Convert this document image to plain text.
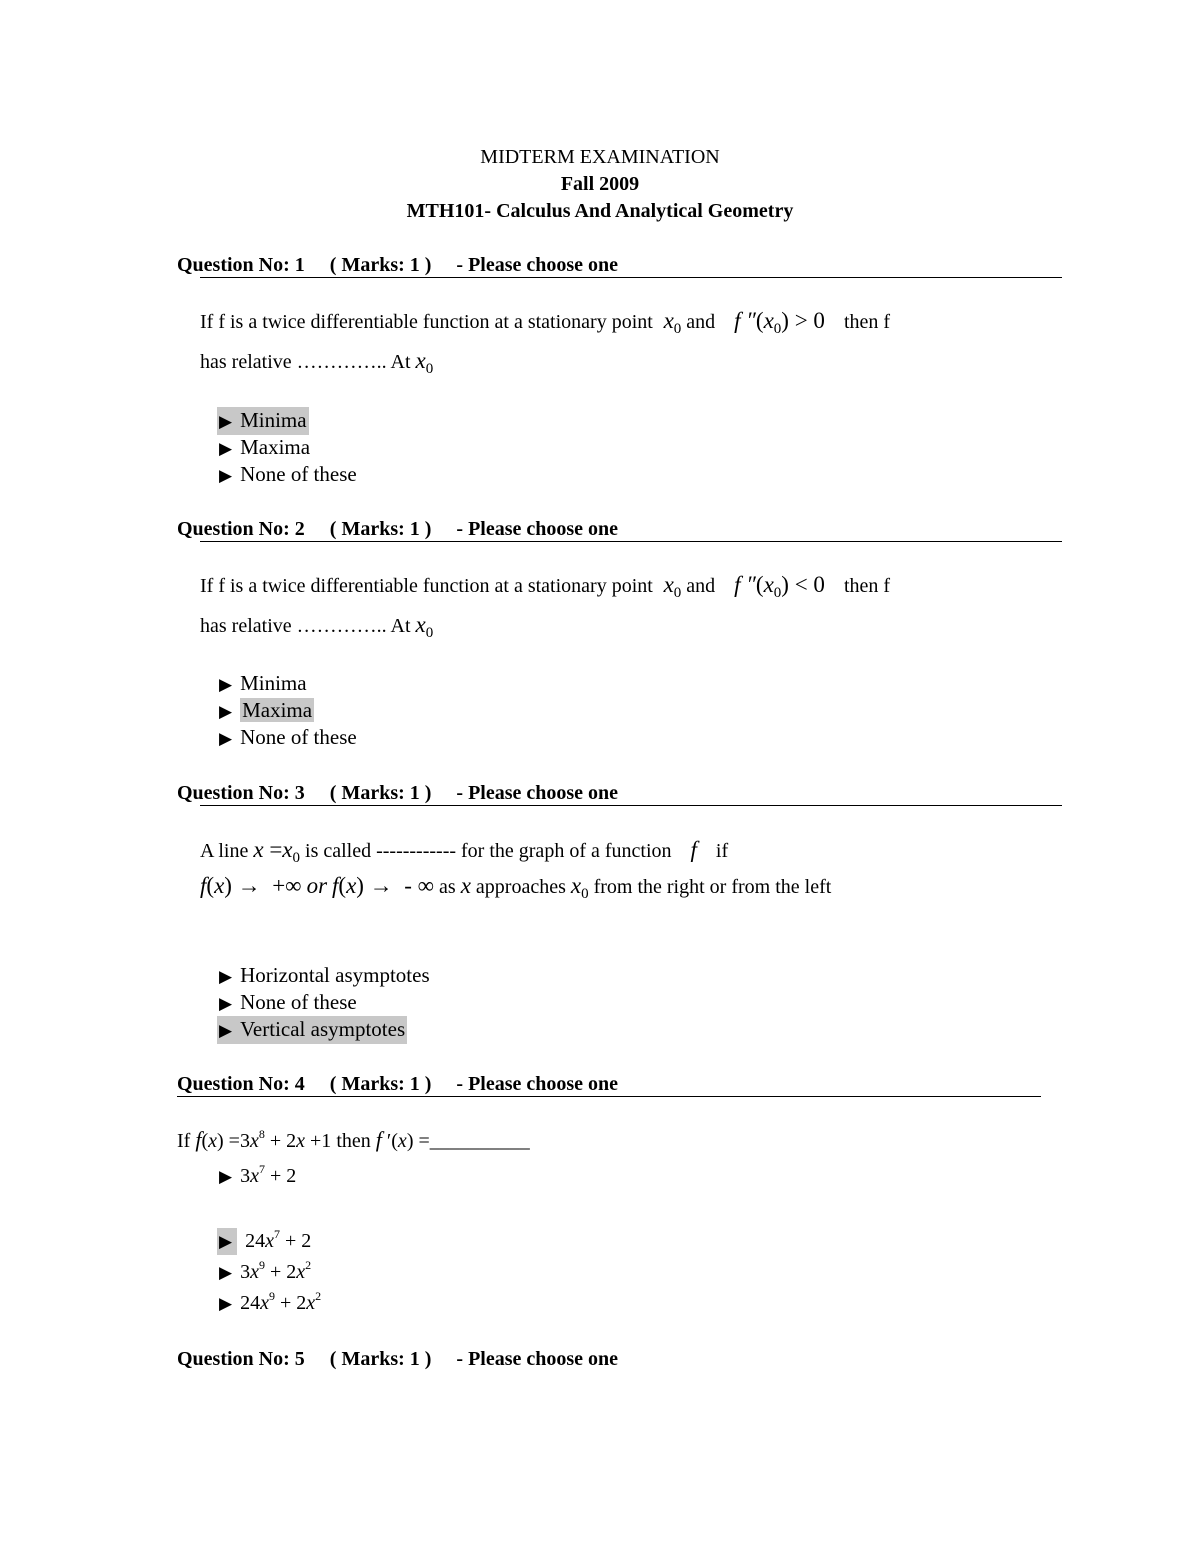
MIDTERM EXAMINATION
Fall 2009
MTH101- Calculus And Analytical Geometry
Question No: 1     ( Marks: 1 )     - Please choose one
If f is a twice differentiable function at a stationary point  $x_0$ and f $''(x_0) > 0$ then f
has relative ………….. At $x_0$
▶ Minima
▶ Maxima
▶ None of these
Question No: 2     ( Marks: 1 )     - Please choose one
If f is a twice differentiable function at a stationary point  $x_0$ and f $''(x_0) < 0$ then f
has relative ………….. At $x_0$
▶ Minima
▶ Maxima
▶ None of these
Question No: 3     ( Marks: 1 )     - Please choose one
A line $x =x_0$ is called ------------ for the graph of a function f if
f(x) →  +∞ or f(x) →  - ∞ as x approaches $x_0$ from the right or from the left
▶ Horizontal asymptotes
▶ None of these
▶ Vertical asymptotes
Question No: 4     ( Marks: 1 )     - Please choose one
If $f(x) =3x^8 + 2x +1$ then f ′(x) =__________
▶ $3x^7 + 2$
▶ $24x^7 + 2$
▶ $3x^9 + 2x^2$
▶ $24x^9 + 2x^2$
Question No: 5     ( Marks: 1 )     - Please choose one
